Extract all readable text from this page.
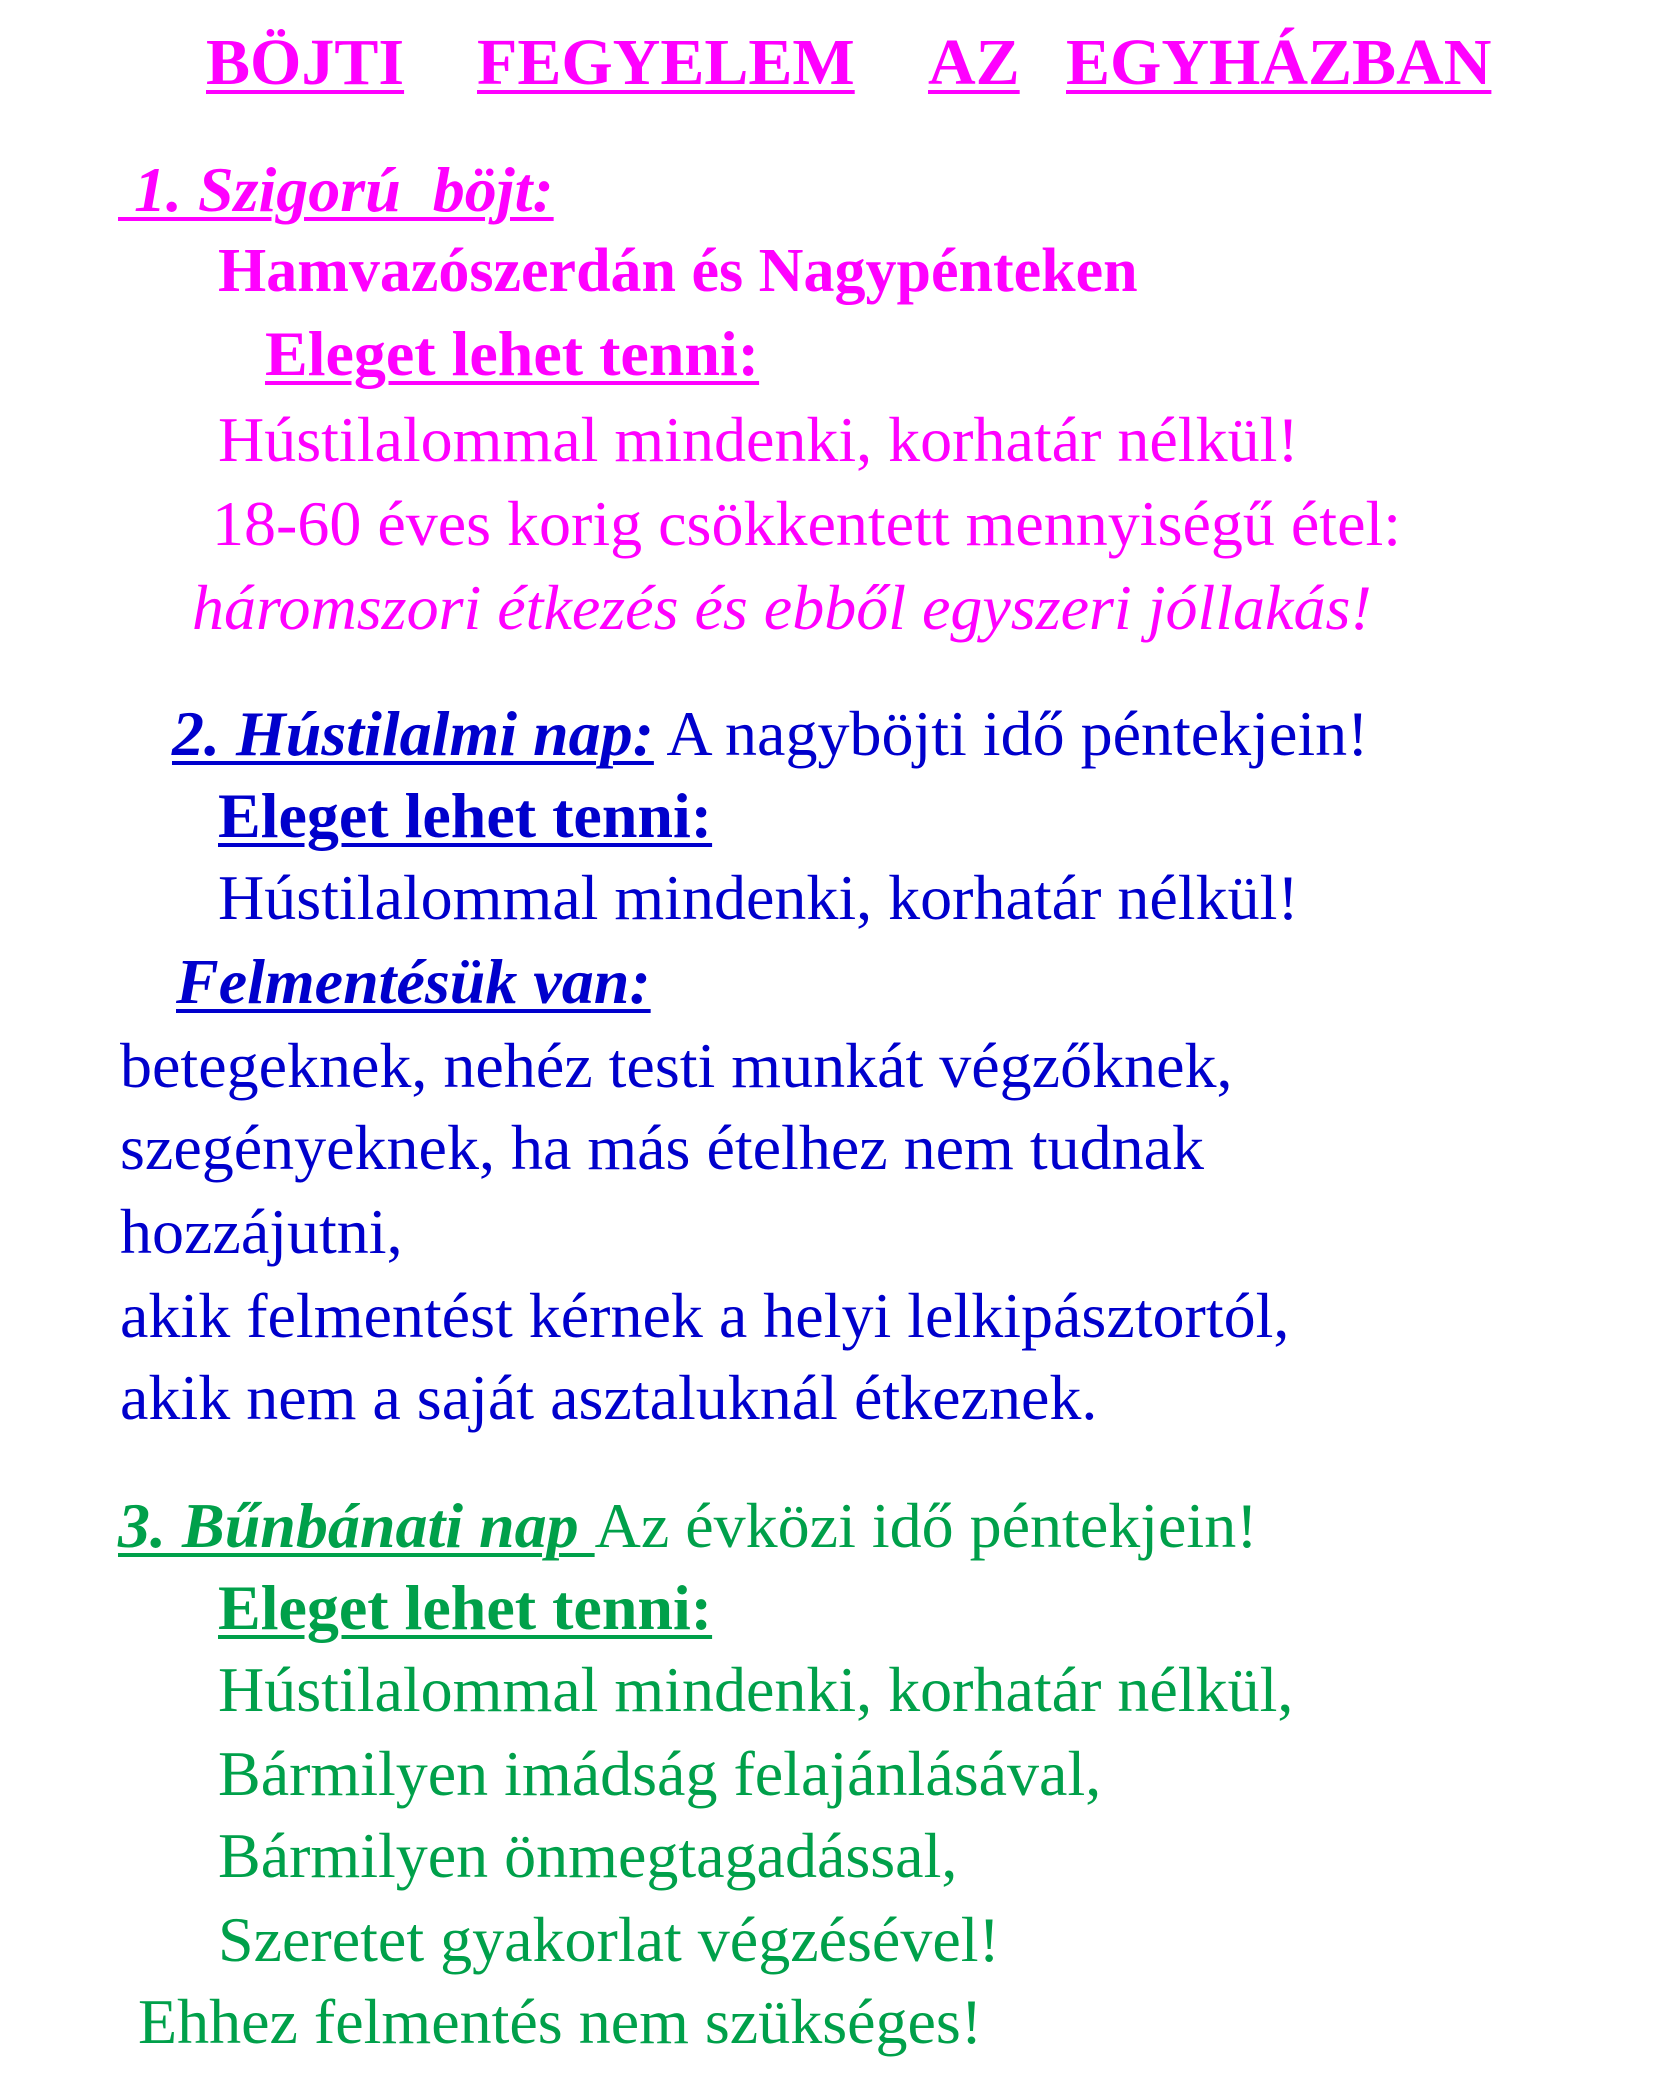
BÖJTI FEGYELEM AZ EGYHÁZBAN
1. Szigorú  böjt:
Hamvazószerdán és Nagypénteken
Eleget lehet tenni:
Hústilalommal mindenki, korhatár nélkül!
18-60 éves korig csökkentett mennyiségű étel:
háromszori étkezés és ebből egyszeri jóllakás!
2. Hústilalmi nap: A nagyböjti idő péntekjein!
Eleget lehet tenni:
Hústilalommal mindenki, korhatár nélkül!
Felmentésük van:
betegeknek, nehéz testi munkát végzőknek,
szegényeknek, ha más ételhez nem tudnak
hozzájutni,
akik felmentést kérnek a helyi lelkipásztortól,
akik nem a saját asztaluknál étkeznek.
3. Bűnbánati nap Az évközi idő péntekjein!
Eleget lehet tenni:
Hústilalommal mindenki, korhatár nélkül,
Bármilyen imádság felajánlásával,
Bármilyen önmegtagadással,
Szeretet gyakorlat végzésével!
Ehhez felmentés nem szükséges!
